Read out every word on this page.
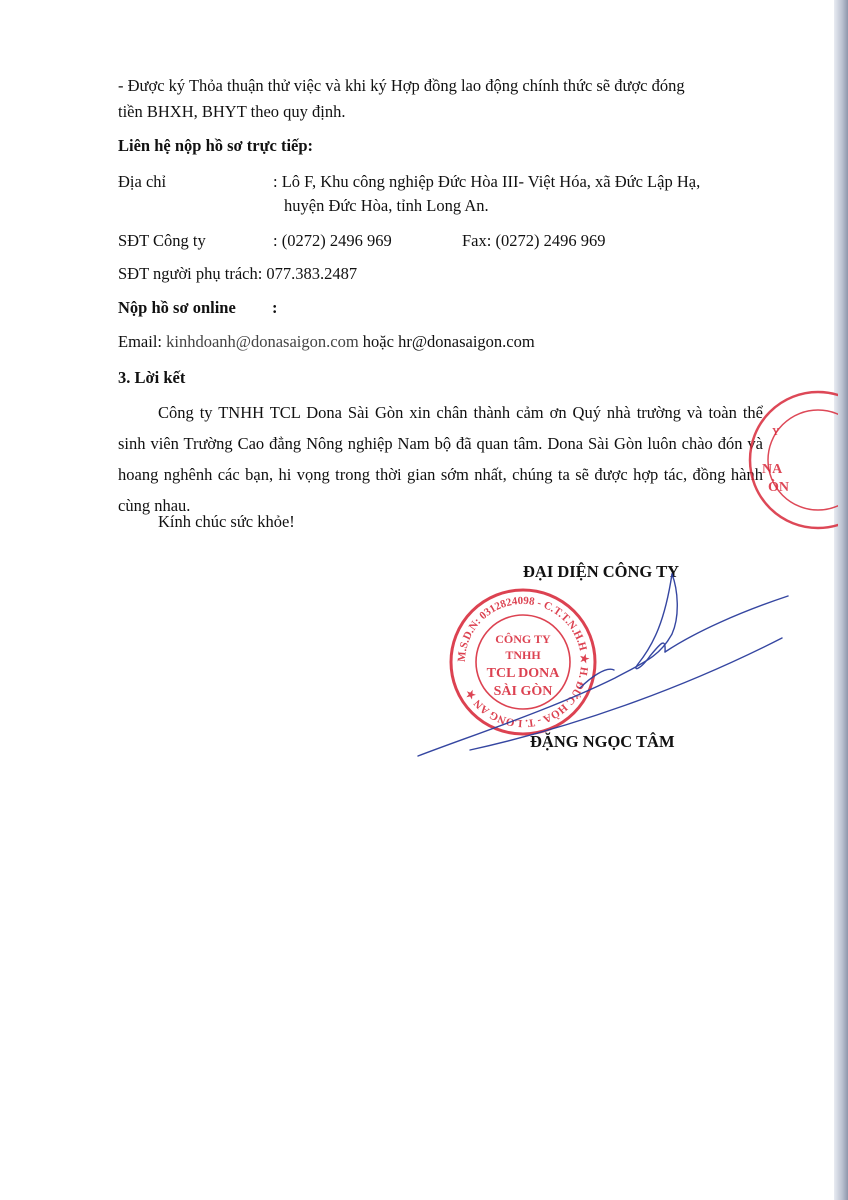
- Được ký Thỏa thuận thử việc và khi ký Hợp đồng lao động chính thức sẽ được đóng
tiền BHXH, BHYT theo quy định.
Liên hệ nộp hồ sơ trực tiếp:
Địa chỉ	: Lô F, Khu công nghiệp Đức Hòa III- Việt Hóa, xã Đức Lập Hạ,
huyện Đức Hòa, tỉnh Long An.
SĐT Công ty	: (0272) 2496 969	Fax: (0272) 2496 969
SĐT người phụ trách: 077.383.2487
Nộp hồ sơ online :
Email: kinhdoanh@donasaigon.com hoặc hr@donasaigon.com
3. Lời kết
Công ty TNHH TCL Dona Sài Gòn xin chân thành cảm ơn Quý nhà trường và toàn thể sinh viên Trường Cao đẳng Nông nghiệp Nam bộ đã quan tâm. Dona Sài Gòn luôn chào đón và hoang nghênh các bạn, hi vọng trong thời gian sớm nhất, chúng ta sẽ được hợp tác, đồng hành cùng nhau.
Kính chúc sức khỏe!
NA
ÒN
Y
ĐẠI DIỆN CÔNG TY
M.S.D.N: 0312824098 - C.T.T.N.H.H ★ H. ĐỨC HÒA - T. LONG AN ★
CÔNG TY
TNHH
TCL DONA
SÀI GÒN
ĐẶNG NGỌC TÂM
